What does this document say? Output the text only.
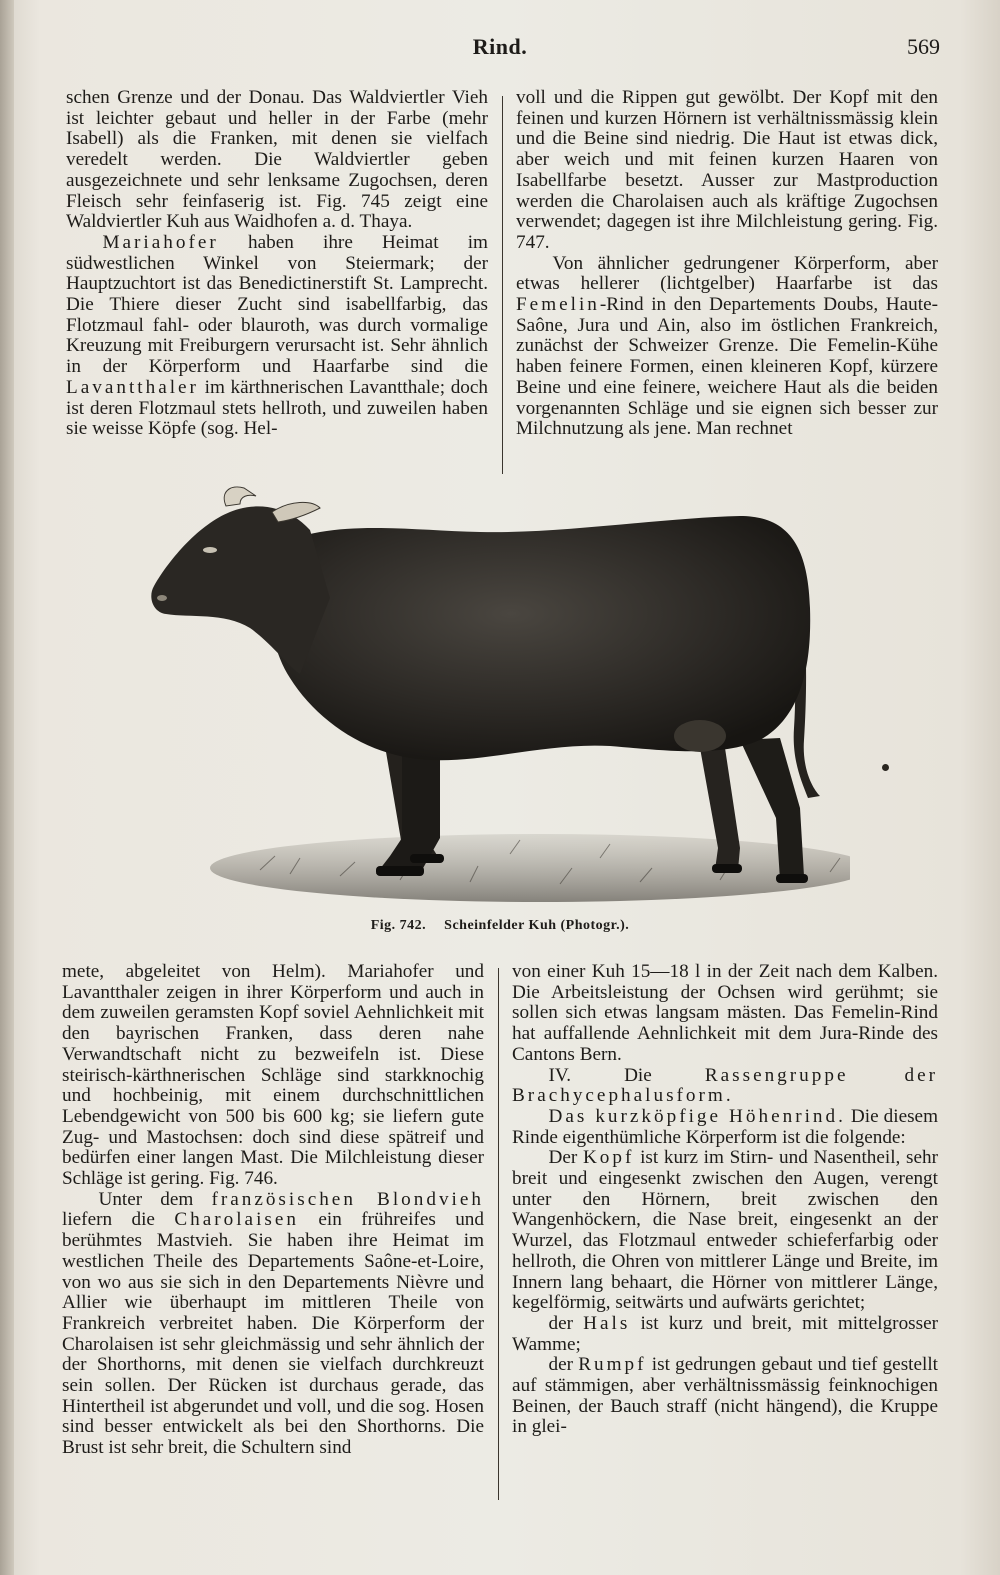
Rind.	569

schen Grenze und der Donau. Das Waldviertler Vieh ist leichter gebaut und heller in der Farbe (mehr Isabell) als die Franken, mit denen sie vielfach veredelt werden. Die Waldviertler geben ausgezeichnete und sehr lenksame Zugochsen, deren Fleisch sehr feinfaserig ist. Fig. 745 zeigt eine Waldviertler Kuh aus Waidhofen a. d. Thaya.

Mariahofer haben ihre Heimat im südwestlichen Winkel von Steiermark; der Hauptzuchtort ist das Benedictinerstift St. Lamprecht. Die Thiere dieser Zucht sind isabellfarbig, das Flotzmaul fahl- oder blauroth, was durch vormalige Kreuzung mit Freiburgern verursacht ist. Sehr ähnlich in der Körperform und Haarfarbe sind die Lavantthaler im kärthnerischen Lavantthale; doch ist deren Flotzmaul stets hellroth, und zuweilen haben sie weisse Köpfe (sog. Hel-

voll und die Rippen gut gewölbt. Der Kopf mit den feinen und kurzen Hörnern ist verhältnissmässig klein und die Beine sind niedrig. Die Haut ist etwas dick, aber weich und mit feinen kurzen Haaren von Isabellfarbe besetzt. Ausser zur Mastproduction werden die Charolaisen auch als kräftige Zugochsen verwendet; dagegen ist ihre Milchleistung gering. Fig. 747.

Von ähnlicher gedrungener Körperform, aber etwas hellerer (lichtgelber) Haarfarbe ist das Femelin-Rind in den Departements Doubs, Haute-Saône, Jura und Ain, also im östlichen Frankreich, zunächst der Schweizer Grenze. Die Femelin-Kühe haben feinere Formen, einen kleineren Kopf, kürzere Beine und eine feinere, weichere Haut als die beiden vorgenannten Schläge und sie eignen sich besser zur Milchnutzung als jene. Man rechnet

Fig. 742. Scheinfelder Kuh (Photogr.).

mete, abgeleitet von Helm). Mariahofer und Lavantthaler zeigen in ihrer Körperform und auch in dem zuweilen geramsten Kopf soviel Aehnlichkeit mit den bayrischen Franken, dass deren nahe Verwandtschaft nicht zu bezweifeln ist. Diese steirisch-kärthnerischen Schläge sind starkknochig und hochbeinig, mit einem durchschnittlichen Lebendgewicht von 500 bis 600 kg; sie liefern gute Zug- und Mastochsen: doch sind diese spätreif und bedürfen einer langen Mast. Die Milchleistung dieser Schläge ist gering. Fig. 746.

Unter dem französischen Blondvieh liefern die Charolaisen ein frühreifes und berühmtes Mastvieh. Sie haben ihre Heimat im westlichen Theile des Departements Saône-et-Loire, von wo aus sie sich in den Departements Nièvre und Allier wie überhaupt im mittleren Theile von Frankreich verbreitet haben. Die Körperform der Charolaisen ist sehr gleichmässig und sehr ähnlich der der Shorthorns, mit denen sie vielfach durchkreuzt sein sollen. Der Rücken ist durchaus gerade, das Hintertheil ist abgerundet und voll, und die sog. Hosen sind besser entwickelt als bei den Shorthorns. Die Brust ist sehr breit, die Schultern sind

von einer Kuh 15—18 l in der Zeit nach dem Kalben. Die Arbeitsleistung der Ochsen wird gerühmt; sie sollen sich etwas langsam mästen. Das Femelin-Rind hat auffallende Aehnlichkeit mit dem Jura-Rinde des Cantons Bern.

IV. Die Rassengruppe der Brachycephalusform.

Das kurzköpfige Höhenrind. Die diesem Rinde eigenthümliche Körperform ist die folgende:

Der Kopf ist kurz im Stirn- und Nasentheil, sehr breit und eingesenkt zwischen den Augen, verengt unter den Hörnern, breit zwischen den Wangenhöckern, die Nase breit, eingesenkt an der Wurzel, das Flotzmaul entweder schieferfarbig oder hellroth, die Ohren von mittlerer Länge und Breite, im Innern lang behaart, die Hörner von mittlerer Länge, kegelförmig, seitwärts und aufwärts gerichtet;

der Hals ist kurz und breit, mit mittelgrosser Wamme;

der Rumpf ist gedrungen gebaut und tief gestellt auf stämmigen, aber verhältnissmässig feinknochigen Beinen, der Bauch straff (nicht hängend), die Kruppe in glei-
